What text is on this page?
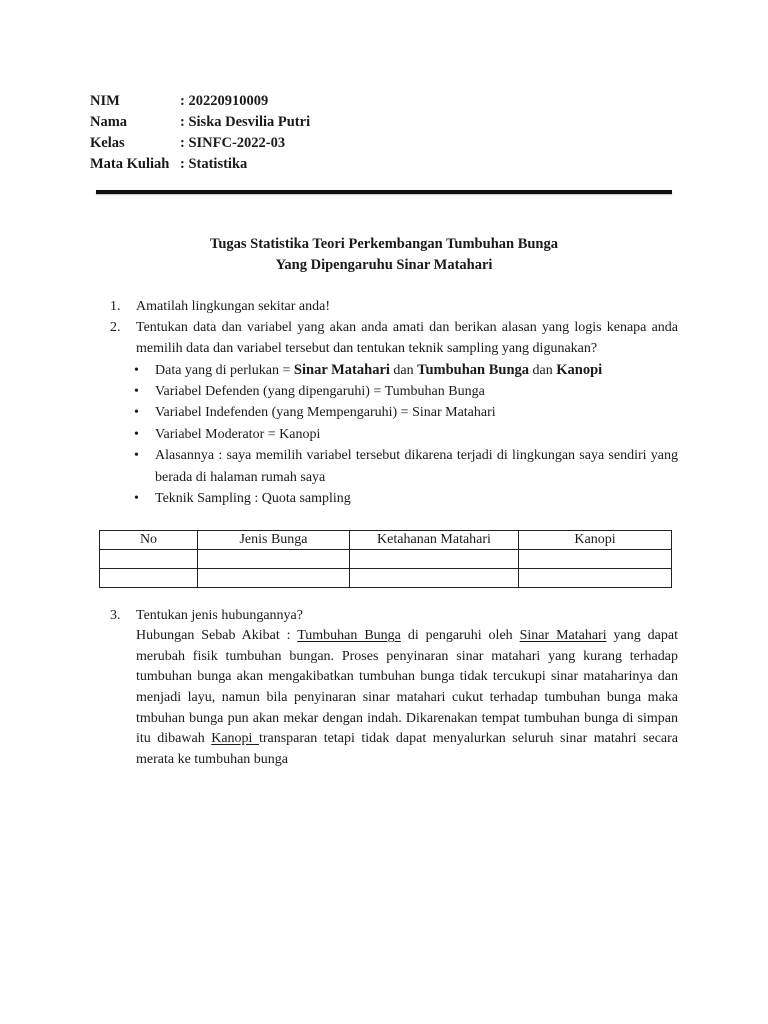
NIM	: 20220910009
Nama	: Siska Desvilia Putri
Kelas	: SINFC-2022-03
Mata Kuliah : Statistika
Tugas Statistika Teori Perkembangan Tumbuhan Bunga
Yang Dipengaruhu Sinar Matahari
1. Amatilah lingkungan sekitar anda!
2. Tentukan data dan variabel yang akan anda amati dan berikan alasan yang logis kenapa anda memilih data dan variabel tersebut dan tentukan teknik sampling yang digunakan?
• Data yang di perlukan = Sinar Matahari dan Tumbuhan Bunga dan Kanopi
• Variabel Defenden (yang dipengaruhi) = Tumbuhan Bunga
• Variabel Indefenden (yang Mempengaruhi) = Sinar Matahari
• Variabel Moderator = Kanopi
• Alasannya : saya memilih variabel tersebut dikarena terjadi di lingkungan saya sendiri yang berada di halaman rumah saya
• Teknik Sampling : Quota sampling
No	Jenis Bunga	Ketahanan Matahari	Kanopi

3. Tentukan jenis hubungannya?
Hubungan Sebab Akibat : Tumbuhan Bunga di pengaruhi oleh Sinar Matahari yang dapat merubah fisik tumbuhan bungan. Proses penyinaran sinar matahari yang kurang terhadap tumbuhan bunga akan mengakibatkan tumbuhan bunga tidak tercukupi sinar mataharinya dan menjadi layu, namun bila penyinaran sinar matahari cukut terhadap tumbuhan bunga maka tmbuhan bunga pun akan mekar dengan indah. Dikarenakan tempat tumbuhan bunga di simpan itu dibawah Kanopi transparan tetapi tidak dapat menyalurkan seluruh sinar matahri secara merata ke tumbuhan bunga
